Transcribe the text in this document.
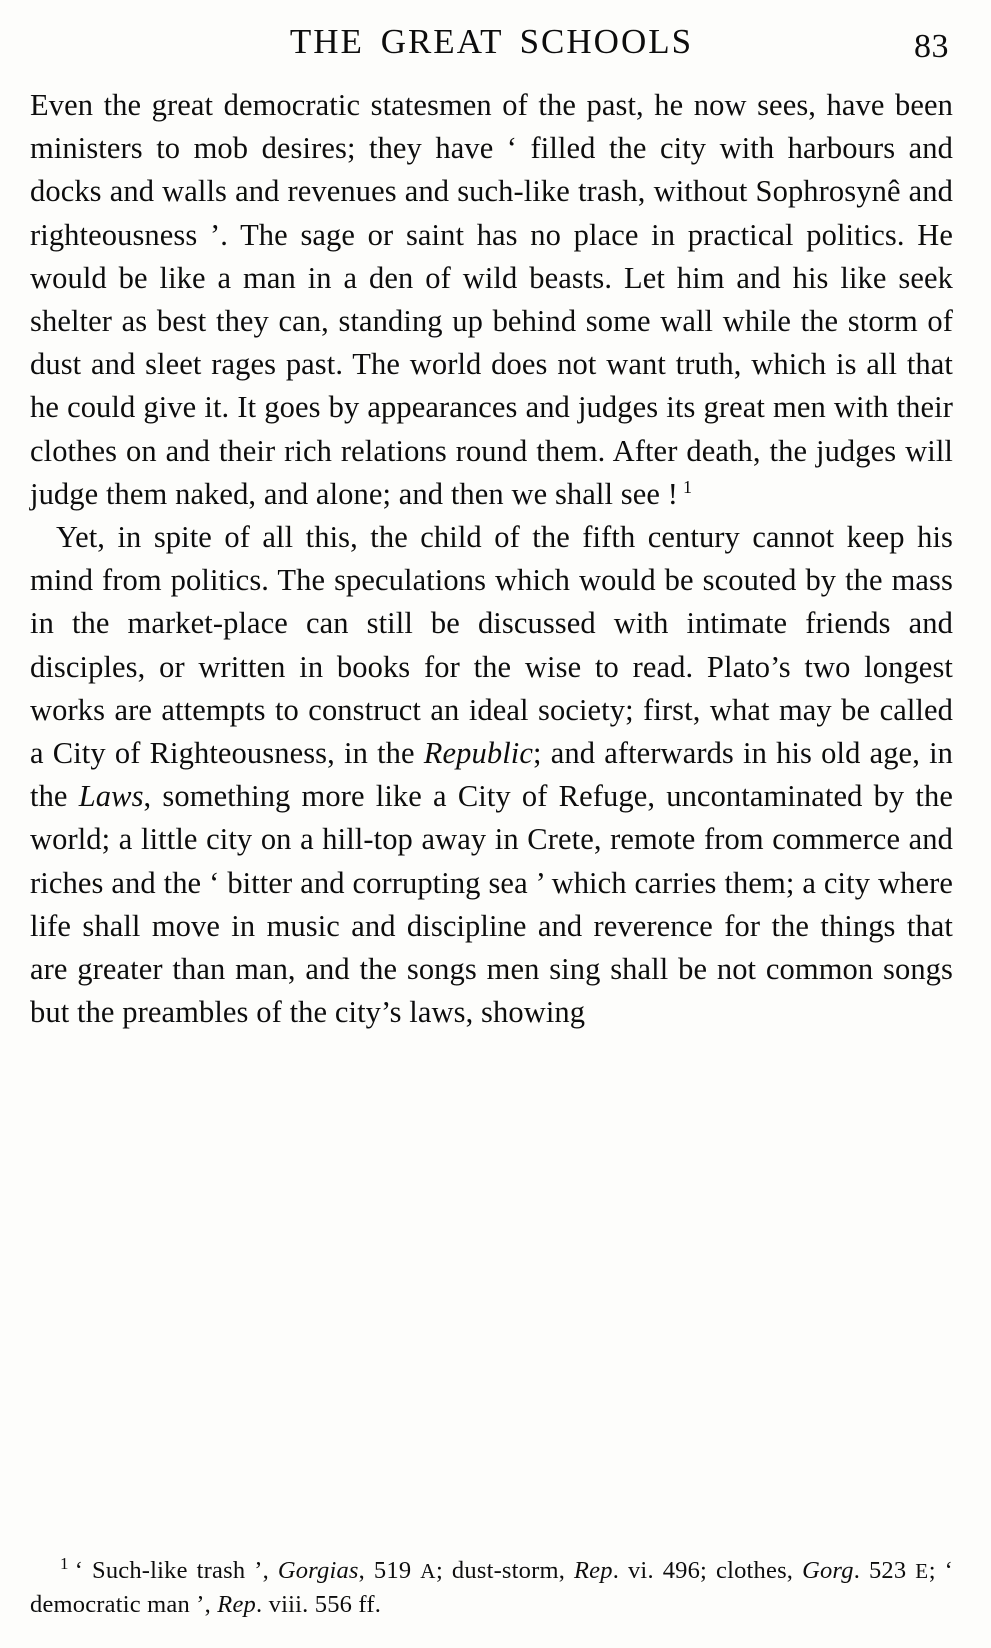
THE GREAT SCHOOLS	83

Even the great democratic statesmen of the past, he now sees, have been ministers to mob desires; they have ‘ filled the city with harbours and docks and walls and revenues and such-like trash, without Sophrosynê and righteousness ’. The sage or saint has no place in practical politics. He would be like a man in a den of wild beasts. Let him and his like seek shelter as best they can, standing up behind some wall while the storm of dust and sleet rages past. The world does not want truth, which is all that he could give it. It goes by appearances and judges its great men with their clothes on and their rich relations round them. After death, the judges will judge them naked, and alone; and then we shall see ! $^1$

Yet, in spite of all this, the child of the fifth century cannot keep his mind from politics. The speculations which would be scouted by the mass in the market-place can still be discussed with intimate friends and disciples, or written in books for the wise to read. Plato’s two longest works are attempts to construct an ideal society; first, what may be called a City of Righteousness, in the Republic; and afterwards in his old age, in the Laws, something more like a City of Refuge, uncontaminated by the world; a little city on a hill-top away in Crete, remote from commerce and riches and the ‘ bitter and corrupting sea ’ which carries them; a city where life shall move in music and discipline and reverence for the things that are greater than man, and the songs men sing shall be not common songs but the preambles of the city’s laws, showing

$^1$ ‘ Such-like trash ’, Gorgias, 519 A; dust-storm, Rep. vi. 496; clothes, Gorg. 523 E; ‘ democratic man ’, Rep. viii. 556 ff.
